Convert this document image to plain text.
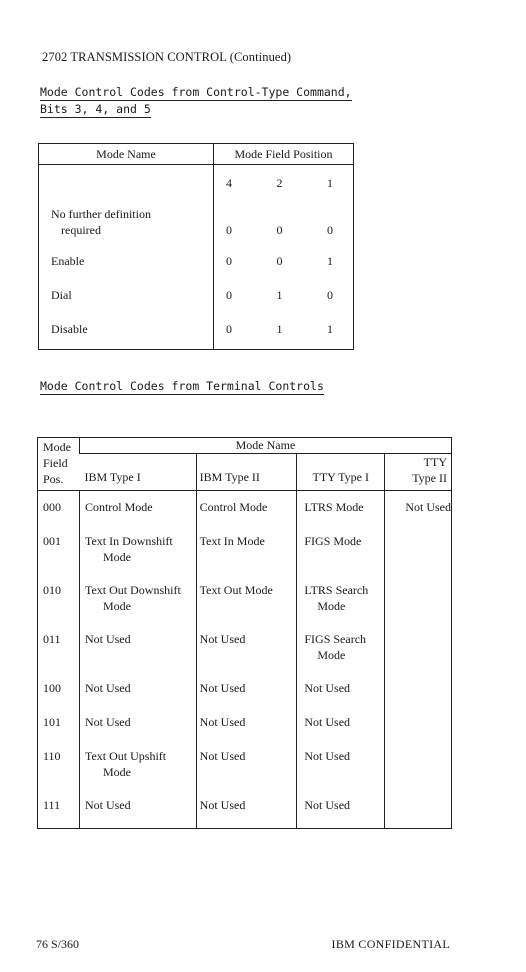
2702 TRANSMISSION CONTROL (Continued)
Mode Control Codes from Control-Type Command,
Bits 3, 4, and 5
Mode Name	Mode Field Position

	4 2 1

No further definition
required	0 0 0

Enable	0 0 1

Dial	0 1 0

Disable	0 1 1
Mode Control Codes from Terminal Controls
Mode
Field
Pos.	Mode Name			
	IBM Type I	IBM Type II	TTY Type I	TTY
Type II
000	Control Mode	Control Mode	LTRS Mode	Not Used
001	Text In Downshift
Mode	Text In Mode	FIGS Mode	
010	Text Out Downshift
Mode	Text Out Mode	LTRS Search
Mode	

011	Not Used	Not Used	FIGS Search
Mode	

100	Not Used	Not Used	Not Used	
101	Not Used	Not Used	Not Used	
110	Text Out Upshift
Mode	Not Used	Not Used	
111	Not Used	Not Used	Not Used	
76 S/360	IBM CONFIDENTIAL
